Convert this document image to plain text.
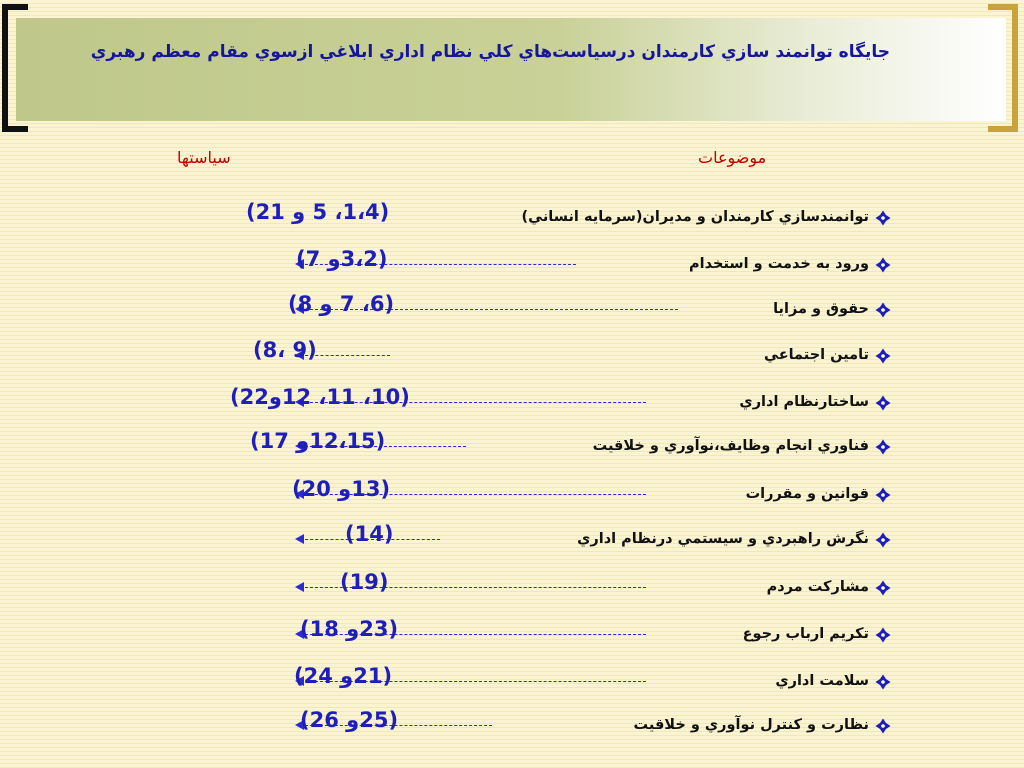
جايگاه توانمند سازي كارمندان درسياست‌هاي كلي نظام اداري ابلاغي ازسوي مقام معظم رهبري
موضوعات
سياستها
توانمندسازي كارمندان و مديران(سرمايه انساني)
(1،4، 5 و 21)
ورود به خدمت و استخدام
(3،2و 7)
حقوق و مزايا
(6، 7 و 8)
تامين اجتماعي
(8، 9)
ساختارنظام اداري
(10، 11، 12و22)
فناوري انجام وظايف،نوآوري و خلاقيت
(12،15و 17)
قوانين و مقررات
(13و 20)
نگرش راهبردي و سيستمي درنظام اداري
(14)
مشاركت مردم
(19)
تكريم ارباب رجوع
(23و 18)
سلامت اداري
(21و 24)
نظارت و كنترل نوآوري و خلاقيت
(25و 26)
